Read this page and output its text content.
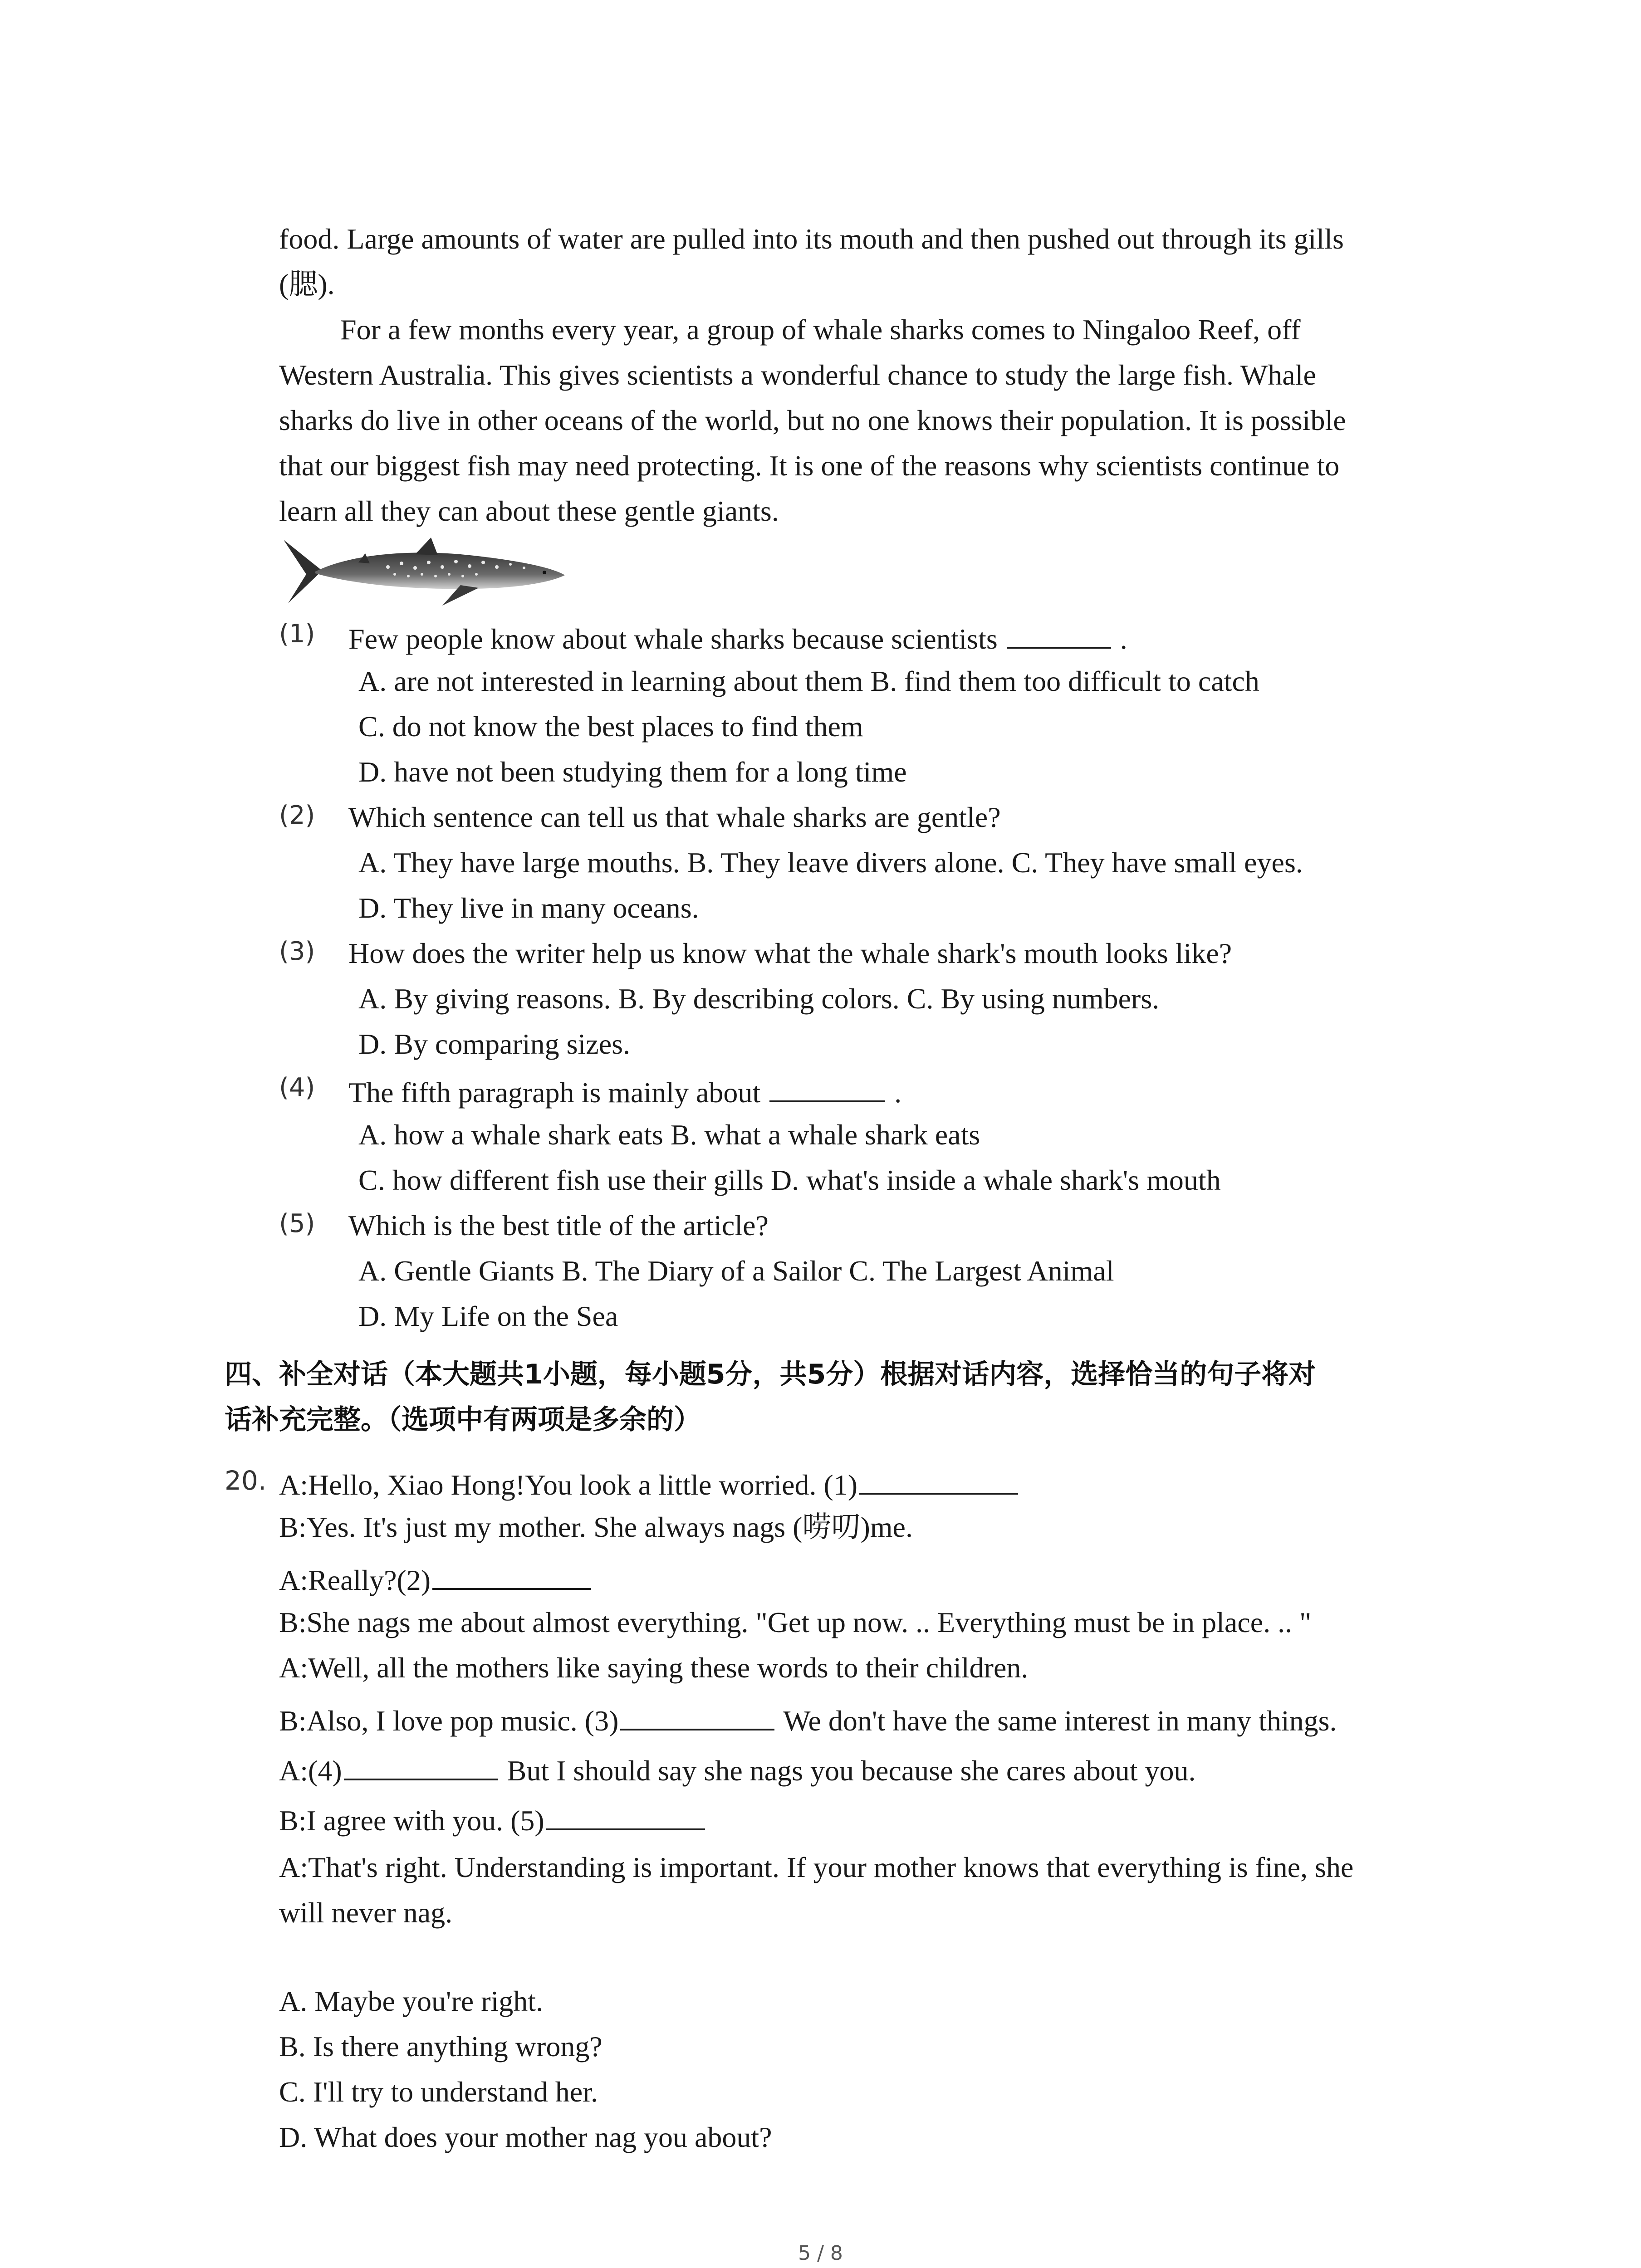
food. Large amounts of water are pulled into its mouth and then pushed out through its gills
(腮).
For a few months every year, a group of whale sharks comes to Ningaloo Reef, off
Western Australia. This gives scientists a wonderful chance to study the large fish. Whale
sharks do live in other oceans of the world, but no one knows their population. It is possible
that our biggest fish may need protecting. It is one of the reasons why scientists continue to
learn all they can about these gentle giants.
(1) Few people know about whale sharks because scientists	.
A. are not interested in learning about them B. find them too difficult to catch
C. do not know the best places to find them
D. have not been studying them for a long time
(2) Which sentence can tell us that whale sharks are gentle?
A. They have large mouths. B. They leave divers alone. C. They have small eyes.
D. They live in many oceans.
(3) How does the writer help us know what the whale shark's mouth looks like?
A. By giving reasons. B. By describing colors. C. By using numbers.
D. By comparing sizes.
(4) The fifth paragraph is mainly about	.
A. how a whale shark eats B. what a whale shark eats
C. how different fish use their gills D. what's inside a whale shark's mouth
(5) Which is the best title of the article?
A. Gentle Giants B. The Diary of a Sailor C. The Largest Animal
D. My Life on the Sea
四、补全对话（本大题共1小题，每小题5分，共5分）根据对话内容，选择恰当的句子将对
话补充完整。（选项中有两项是多余的）
20. A:Hello, Xiao Hong!You look a little worried. (1)
B:Yes. It's just my mother. She always nags (唠叨)me.
A:Really?(2)
B:She nags me about almost everything. "Get up now. .. Everything must be in place. .. "
A:Well, all the mothers like saying these words to their children.
B:Also, I love pop music. (3)	We don't have the same interest in many things.
A:(4)	But I should say she nags you because she cares about you.
B:I agree with you. (5)
A:That's right. Understanding is important. If your mother knows that everything is fine, she
will never nag.
A. Maybe you're right.
B. Is there anything wrong?
C. I'll try to understand her.
D. What does your mother nag you about?
5 / 8
